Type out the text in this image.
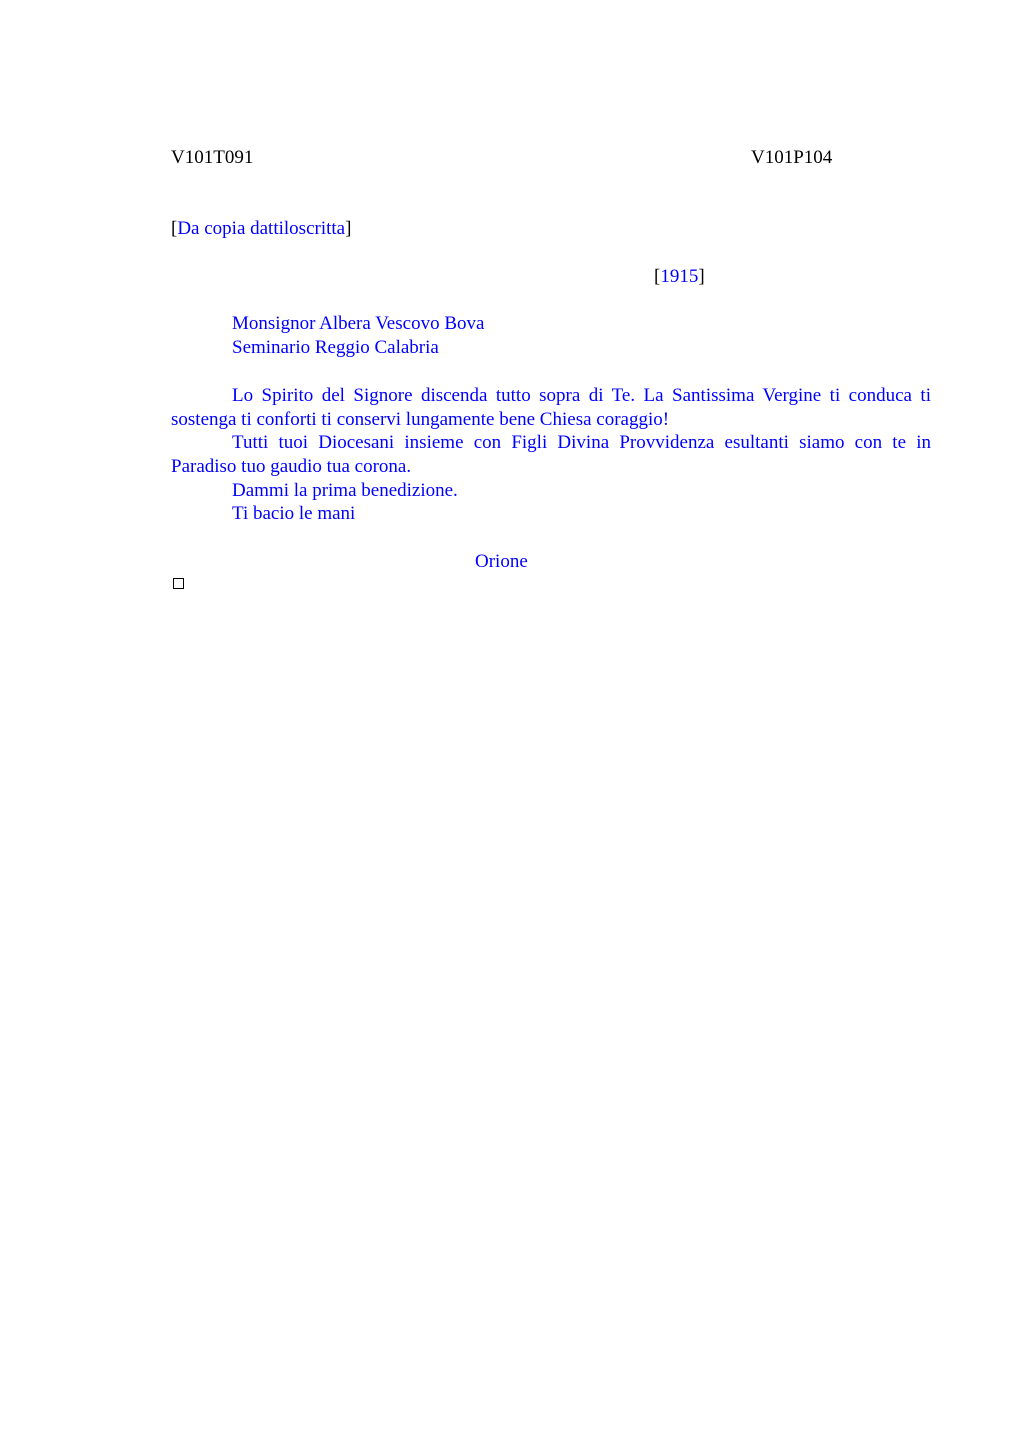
V101T091	V101P104
[Da copia dattiloscritta]
[1915]
Monsignor Albera Vescovo Bova
Seminario Reggio Calabria

Lo Spirito del Signore discenda tutto sopra di Te. La Santissima Vergine ti conduca ti sostenga ti conforti ti conservi lungamente bene Chiesa coraggio!

Tutti tuoi Diocesani insieme con Figli Divina Provvidenza esultanti siamo con te in Paradiso tuo gaudio tua corona.

Dammi la prima benedizione.

Ti bacio le mani

Orione
